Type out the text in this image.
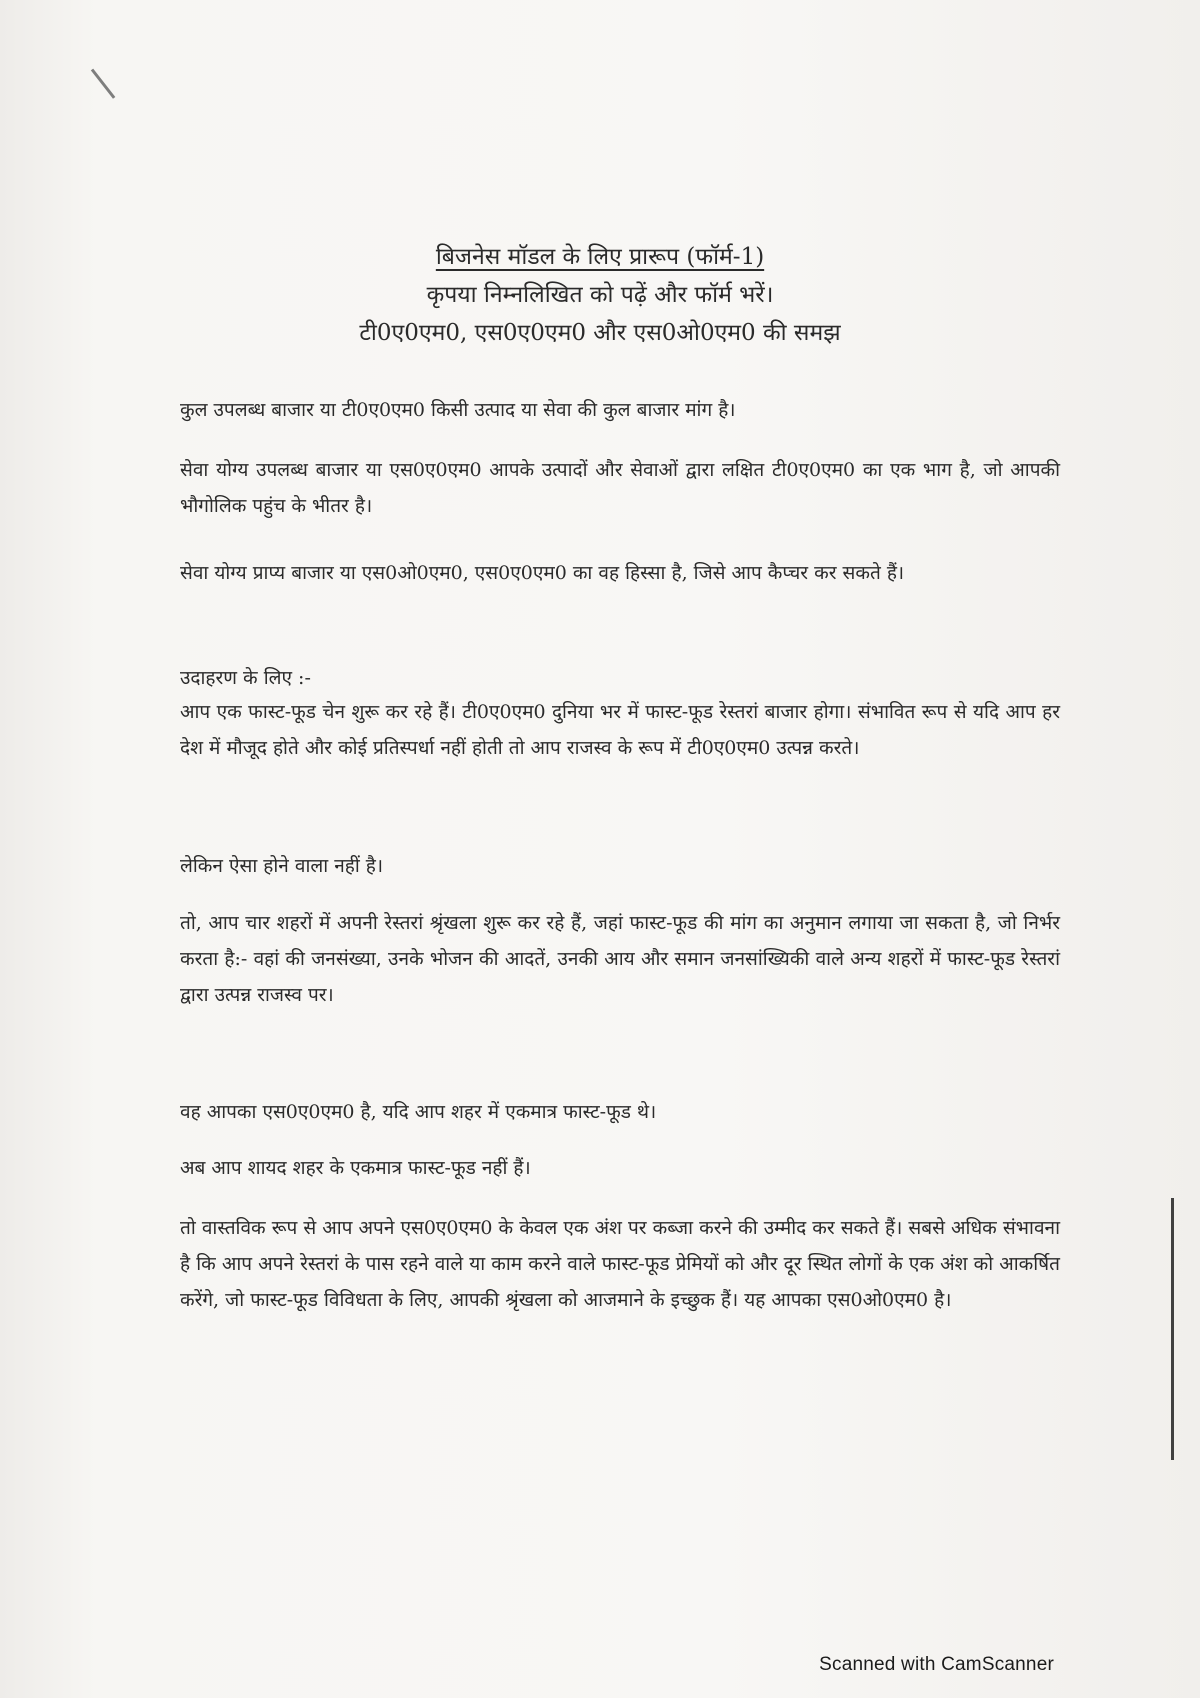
बिजनेस मॉडल के लिए प्रारूप (फॉर्म-1)
कृपया निम्नलिखित को पढ़ें और फॉर्म भरें।
टी0ए0एम0, एस0ए0एम0 और एस0ओ0एम0 की समझ
कुल उपलब्ध बाजार या टी0ए0एम0 किसी उत्पाद या सेवा की कुल बाजार मांग है।
सेवा योग्य उपलब्ध बाजार या एस0ए0एम0 आपके उत्पादों और सेवाओं द्वारा लक्षित टी0ए0एम0 का एक भाग है, जो आपकी भौगोलिक पहुंच के भीतर है।
सेवा योग्य प्राप्य बाजार या एस0ओ0एम0, एस0ए0एम0 का वह हिस्सा है, जिसे आप कैप्चर कर सकते हैं।
उदाहरण के लिए :-
आप एक फास्ट-फूड चेन शुरू कर रहे हैं। टी0ए0एम0 दुनिया भर में फास्ट-फूड रेस्तरां बाजार होगा। संभावित रूप से यदि आप हर देश में मौजूद होते और कोई प्रतिस्पर्धा नहीं होती तो आप राजस्व के रूप में टी0ए0एम0 उत्पन्न करते।
लेकिन ऐसा होने वाला नहीं है।
तो, आप चार शहरों में अपनी रेस्तरां श्रृंखला शुरू कर रहे हैं, जहां फास्ट-फूड की मांग का अनुमान लगाया जा सकता है, जो निर्भर करता है:- वहां की जनसंख्या, उनके भोजन की आदतें, उनकी आय और समान जनसांख्यिकी वाले अन्य शहरों में फास्ट-फूड रेस्तरां द्वारा उत्पन्न राजस्व पर।
वह आपका एस0ए0एम0 है, यदि आप शहर में एकमात्र फास्ट-फूड थे।
अब आप शायद शहर के एकमात्र फास्ट-फूड नहीं हैं।
तो वास्तविक रूप से आप अपने एस0ए0एम0 के केवल एक अंश पर कब्जा करने की उम्मीद कर सकते हैं। सबसे अधिक संभावना है कि आप अपने रेस्तरां के पास रहने वाले या काम करने वाले फास्ट-फूड प्रेमियों को और दूर स्थित लोगों के एक अंश को आकर्षित करेंगे, जो फास्ट-फूड विविधता के लिए, आपकी श्रृंखला को आजमाने के इच्छुक हैं। यह आपका एस0ओ0एम0 है।
Scanned with CamScanner
